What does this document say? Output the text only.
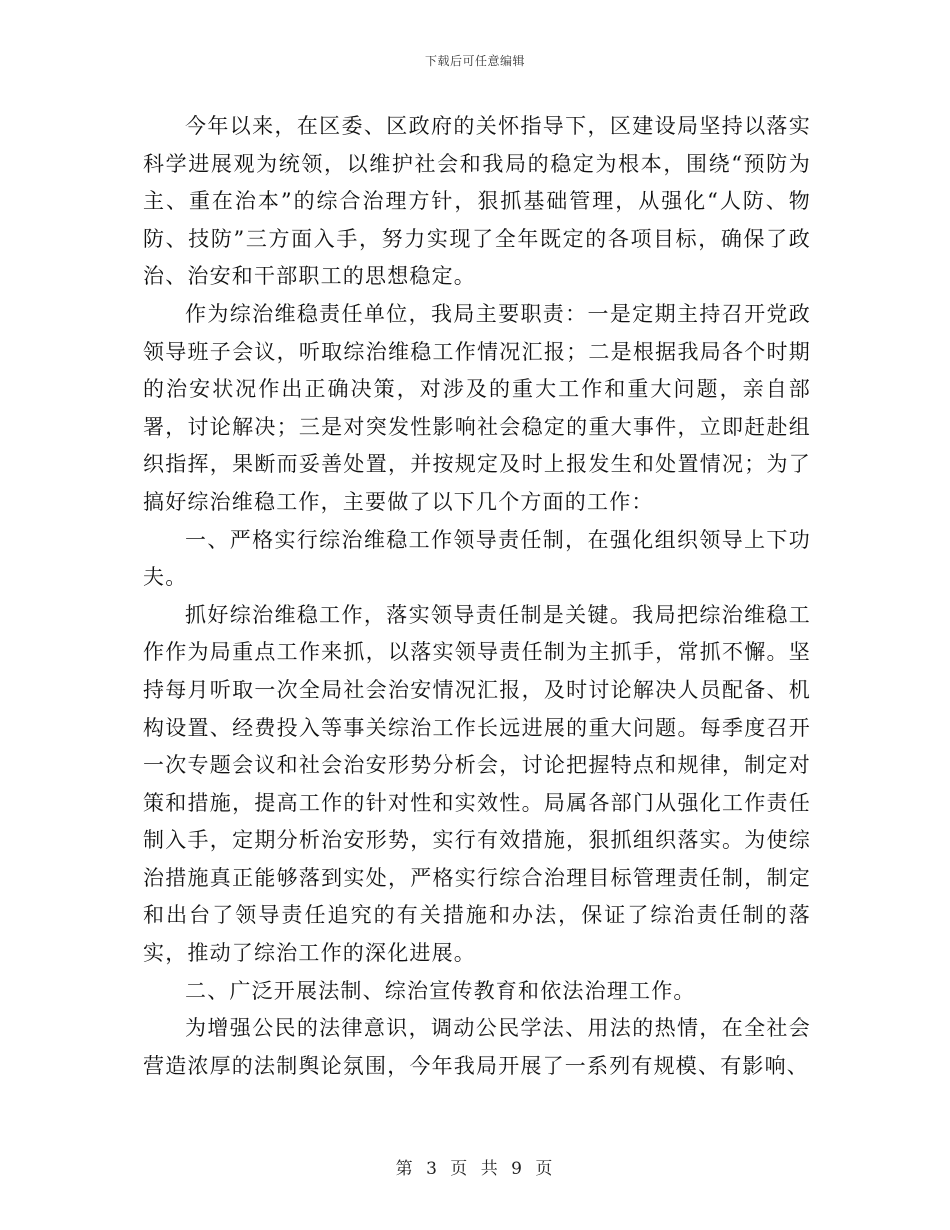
下载后可任意编辑

今年以来，在区委、区政府的关怀指导下，区建设局坚持以落实科学进展观为统领，以维护社会和我局的稳定为根本，围绕“预防为主、重在治本”的综合治理方针，狠抓基础管理，从强化“人防、物防、技防”三方面入手，努力实现了全年既定的各项目标，确保了政治、治安和干部职工的思想稳定。

作为综治维稳责任单位，我局主要职责：一是定期主持召开党政领导班子会议，听取综治维稳工作情况汇报；二是根据我局各个时期的治安状况作出正确决策，对涉及的重大工作和重大问题，亲自部署，讨论解决；三是对突发性影响社会稳定的重大事件，立即赶赴组织指挥，果断而妥善处置，并按规定及时上报发生和处置情况；为了搞好综治维稳工作，主要做了以下几个方面的工作：

一、严格实行综治维稳工作领导责任制，在强化组织领导上下功夫。

抓好综治维稳工作，落实领导责任制是关键。我局把综治维稳工作作为局重点工作来抓，以落实领导责任制为主抓手，常抓不懈。坚持每月听取一次全局社会治安情况汇报，及时讨论解决人员配备、机构设置、经费投入等事关综治工作长远进展的重大问题。每季度召开一次专题会议和社会治安形势分析会，讨论把握特点和规律，制定对策和措施，提高工作的针对性和实效性。局属各部门从强化工作责任制入手，定期分析治安形势，实行有效措施，狠抓组织落实。为使综治措施真正能够落到实处，严格实行综合治理目标管理责任制，制定和出台了领导责任追究的有关措施和办法，保证了综治责任制的落实，推动了综治工作的深化进展。

二、广泛开展法制、综治宣传教育和依法治理工作。

为增强公民的法律意识，调动公民学法、用法的热情，在全社会营造浓厚的法制舆论氛围，今年我局开展了一系列有规模、有影响、

第 3 页 共 9 页
